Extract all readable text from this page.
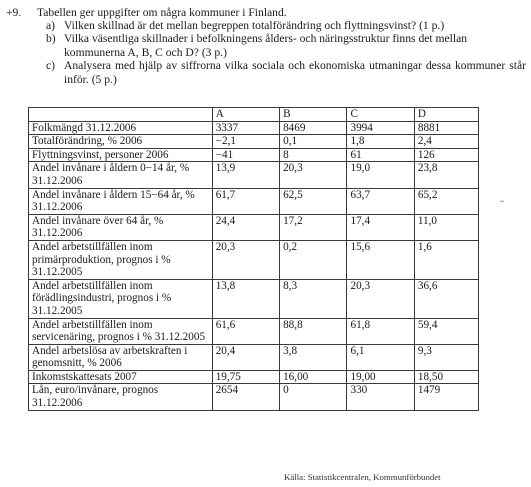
+9. Tabellen ger uppgifter om några kommuner i Finland.
a) Vilken skillnad är det mellan begreppen totalförändring och flyttningsvinst? (1 p.)
b) Vilka väsentliga skillnader i befolkningens ålders- och näringsstruktur finns det mellan
kommunerna A, B, C och D? (3 p.)
c) Analysera med hjälp av siffrorna vilka sociala och ekonomiska utmaningar dessa kommuner står inför. (5 p.)
	A	B	C	D
Folkmängd 31.12.2006	3337	8469	3994	8881
Totalförändring, % 2006	−2,1	0,1	1,8	2,4
Flyttningsvinst, personer 2006	−41	8	61	126
Andel invånare i åldern 0−14 år, % 31.12.2006	13,9	20,3	19,0	23,8
Andel invånare i åldern 15−64 år, % 31.12.2006	61,7	62,5	63,7	65,2
Andel invånare över 64 år, % 31.12.2006	24,4	17,2	17,4	11,0
Andel arbetstillfällen inom primärproduktion, prognos i % 31.12.2005	20,3	0,2	15,6	1,6
Andel arbetstillfällen inom förädlingsindustri, prognos i % 31.12.2005	13,8	8,3	20,3	36,6
Andel arbetstillfällen inom servicenäring, prognos i % 31.12.2005	61,6	88,8	61,8	59,4
Andel arbetslösa av arbetskraften i genomsnitt, % 2006	20,4	3,8	6,1	9,3
Inkomstskattesats 2007	19,75	16,00	19,00	18,50
Lån, euro/invånare, prognos 31.12.2006	2654	0	330	1479
~
Källa: Statistikcentralen, Kommunförbundet
